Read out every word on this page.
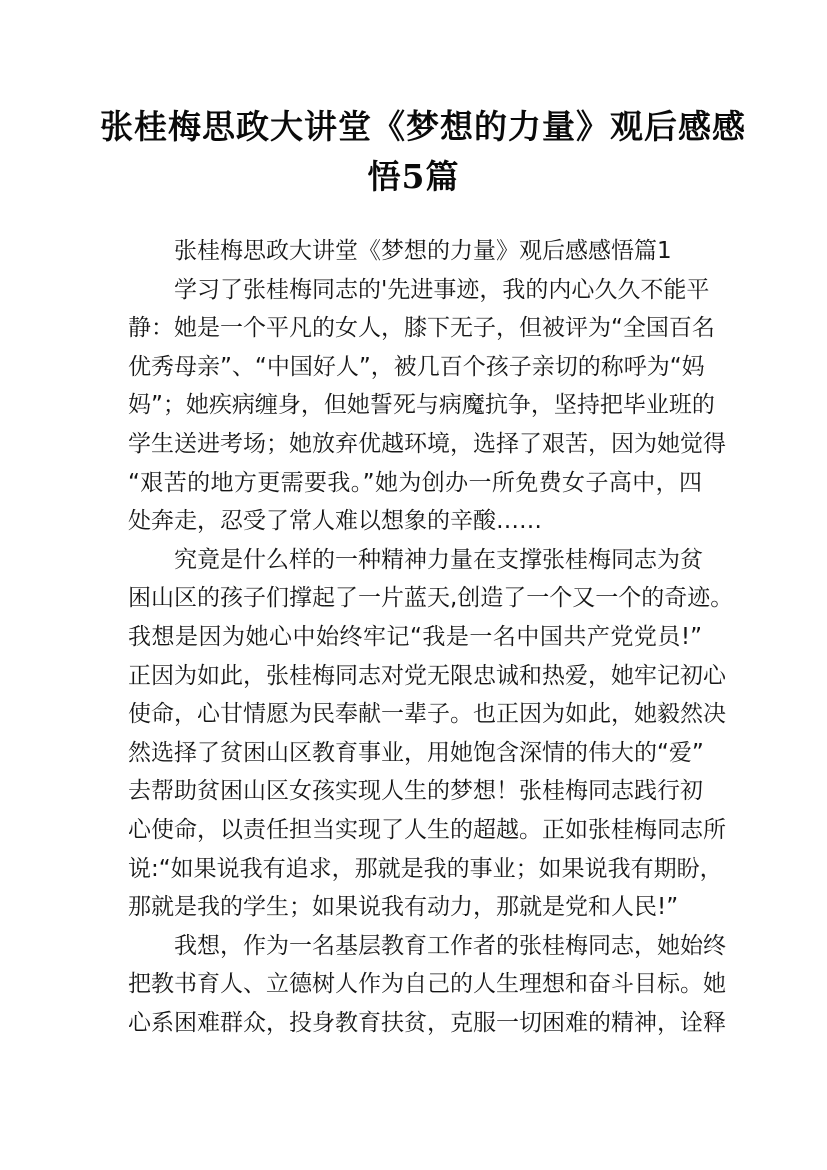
张桂梅思政大讲堂《梦想的力量》观后感感
悟5篇
张桂梅思政大讲堂《梦想的力量》观后感感悟篇1
学习了张桂梅同志的'先进事迹，我的内心久久不能平
静：她是一个平凡的女人，膝下无子，但被评为“全国百名
优秀母亲”、“中国好人”，被几百个孩子亲切的称呼为“妈
妈”；她疾病缠身，但她誓死与病魔抗争，坚持把毕业班的
学生送进考场；她放弃优越环境，选择了艰苦，因为她觉得
“艰苦的地方更需要我。”她为创办一所免费女子高中，四
处奔走，忍受了常人难以想象的辛酸……
究竟是什么样的一种精神力量在支撑张桂梅同志为贫
困山区的孩子们撑起了一片蓝天,创造了一个又一个的奇迹。
我想是因为她心中始终牢记“我是一名中国共产党党员!”
正因为如此，张桂梅同志对党无限忠诚和热爱，她牢记初心
使命，心甘情愿为民奉献一辈子。也正因为如此，她毅然决
然选择了贫困山区教育事业，用她饱含深情的伟大的“爱”
去帮助贫困山区女孩实现人生的梦想！张桂梅同志践行初
心使命，以责任担当实现了人生的超越。正如张桂梅同志所
说:“如果说我有追求，那就是我的事业；如果说我有期盼，
那就是我的学生；如果说我有动力，那就是党和人民!”
我想，作为一名基层教育工作者的张桂梅同志，她始终
把教书育人、立德树人作为自己的人生理想和奋斗目标。她
心系困难群众，投身教育扶贫，克服一切困难的精神，诠释
